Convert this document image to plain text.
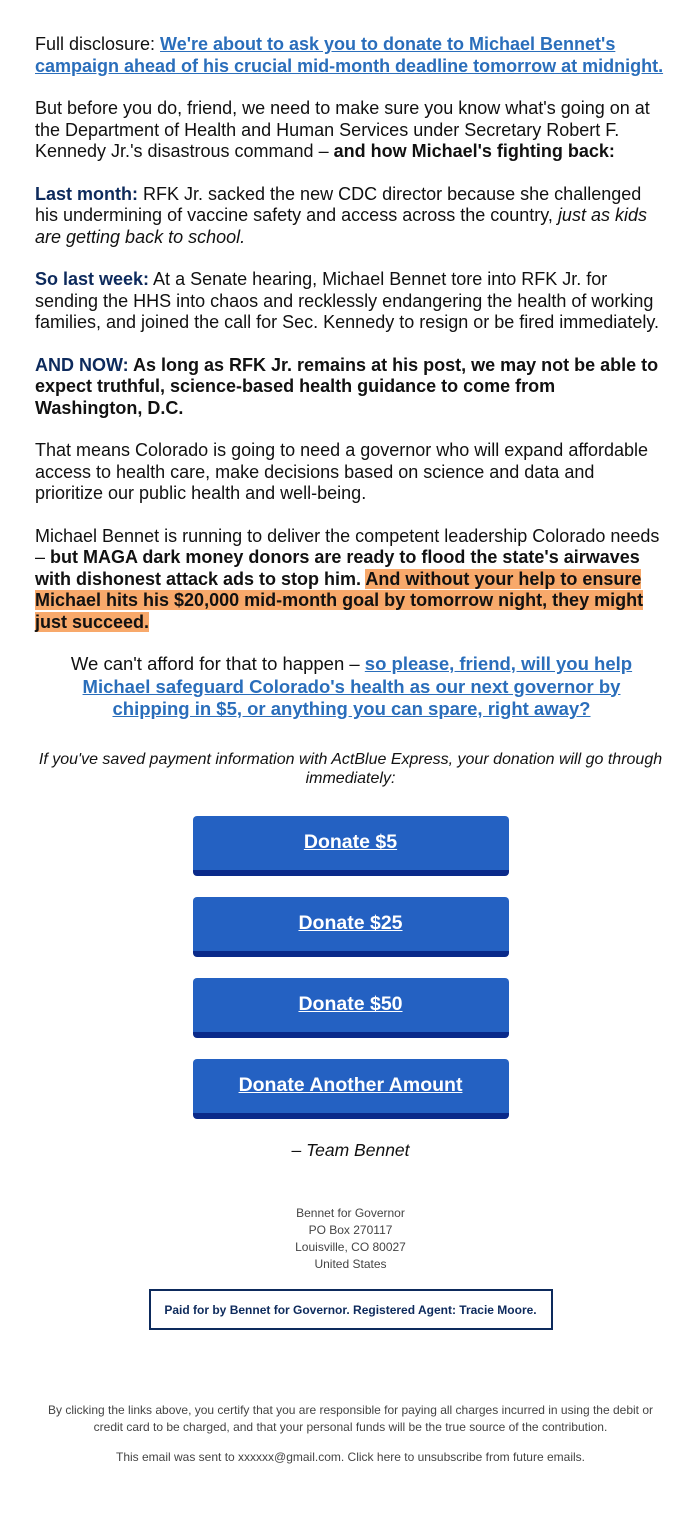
Full disclosure: We're about to ask you to donate to Michael Bennet's campaign ahead of his crucial mid-month deadline tomorrow at midnight.

But before you do, friend, we need to make sure you know what's going on at the Department of Health and Human Services under Secretary Robert F. Kennedy Jr.'s disastrous command – and how Michael's fighting back:

Last month: RFK Jr. sacked the new CDC director because she challenged his undermining of vaccine safety and access across the country, just as kids are getting back to school.

So last week: At a Senate hearing, Michael Bennet tore into RFK Jr. for sending the HHS into chaos and recklessly endangering the health of working families, and joined the call for Sec. Kennedy to resign or be fired immediately.

AND NOW: As long as RFK Jr. remains at his post, we may not be able to expect truthful, science-based health guidance to come from Washington, D.C.

That means Colorado is going to need a governor who will expand affordable access to health care, make decisions based on science and data and prioritize our public health and well-being.

Michael Bennet is running to deliver the competent leadership Colorado needs – but MAGA dark money donors are ready to flood the state's airwaves with dishonest attack ads to stop him. And without your help to ensure Michael hits his $20,000 mid-month goal by tomorrow night, they might just succeed.

We can't afford for that to happen – so please, friend, will you help Michael safeguard Colorado's health as our next governor by chipping in $5, or anything you can spare, right away?

If you've saved payment information with ActBlue Express, your donation will go through immediately:

Donate $5
Donate $25
Donate $50
Donate Another Amount

– Team Bennet

Bennet for Governor
PO Box 270117
Louisville, CO 80027
United States
Paid for by Bennet for Governor. Registered Agent: Tracie Moore.

By clicking the links above, you certify that you are responsible for paying all charges incurred in using the debit or credit card to be charged, and that your personal funds will be the true source of the contribution.

This email was sent to xxxxxx@gmail.com. Click here to unsubscribe from future emails.
